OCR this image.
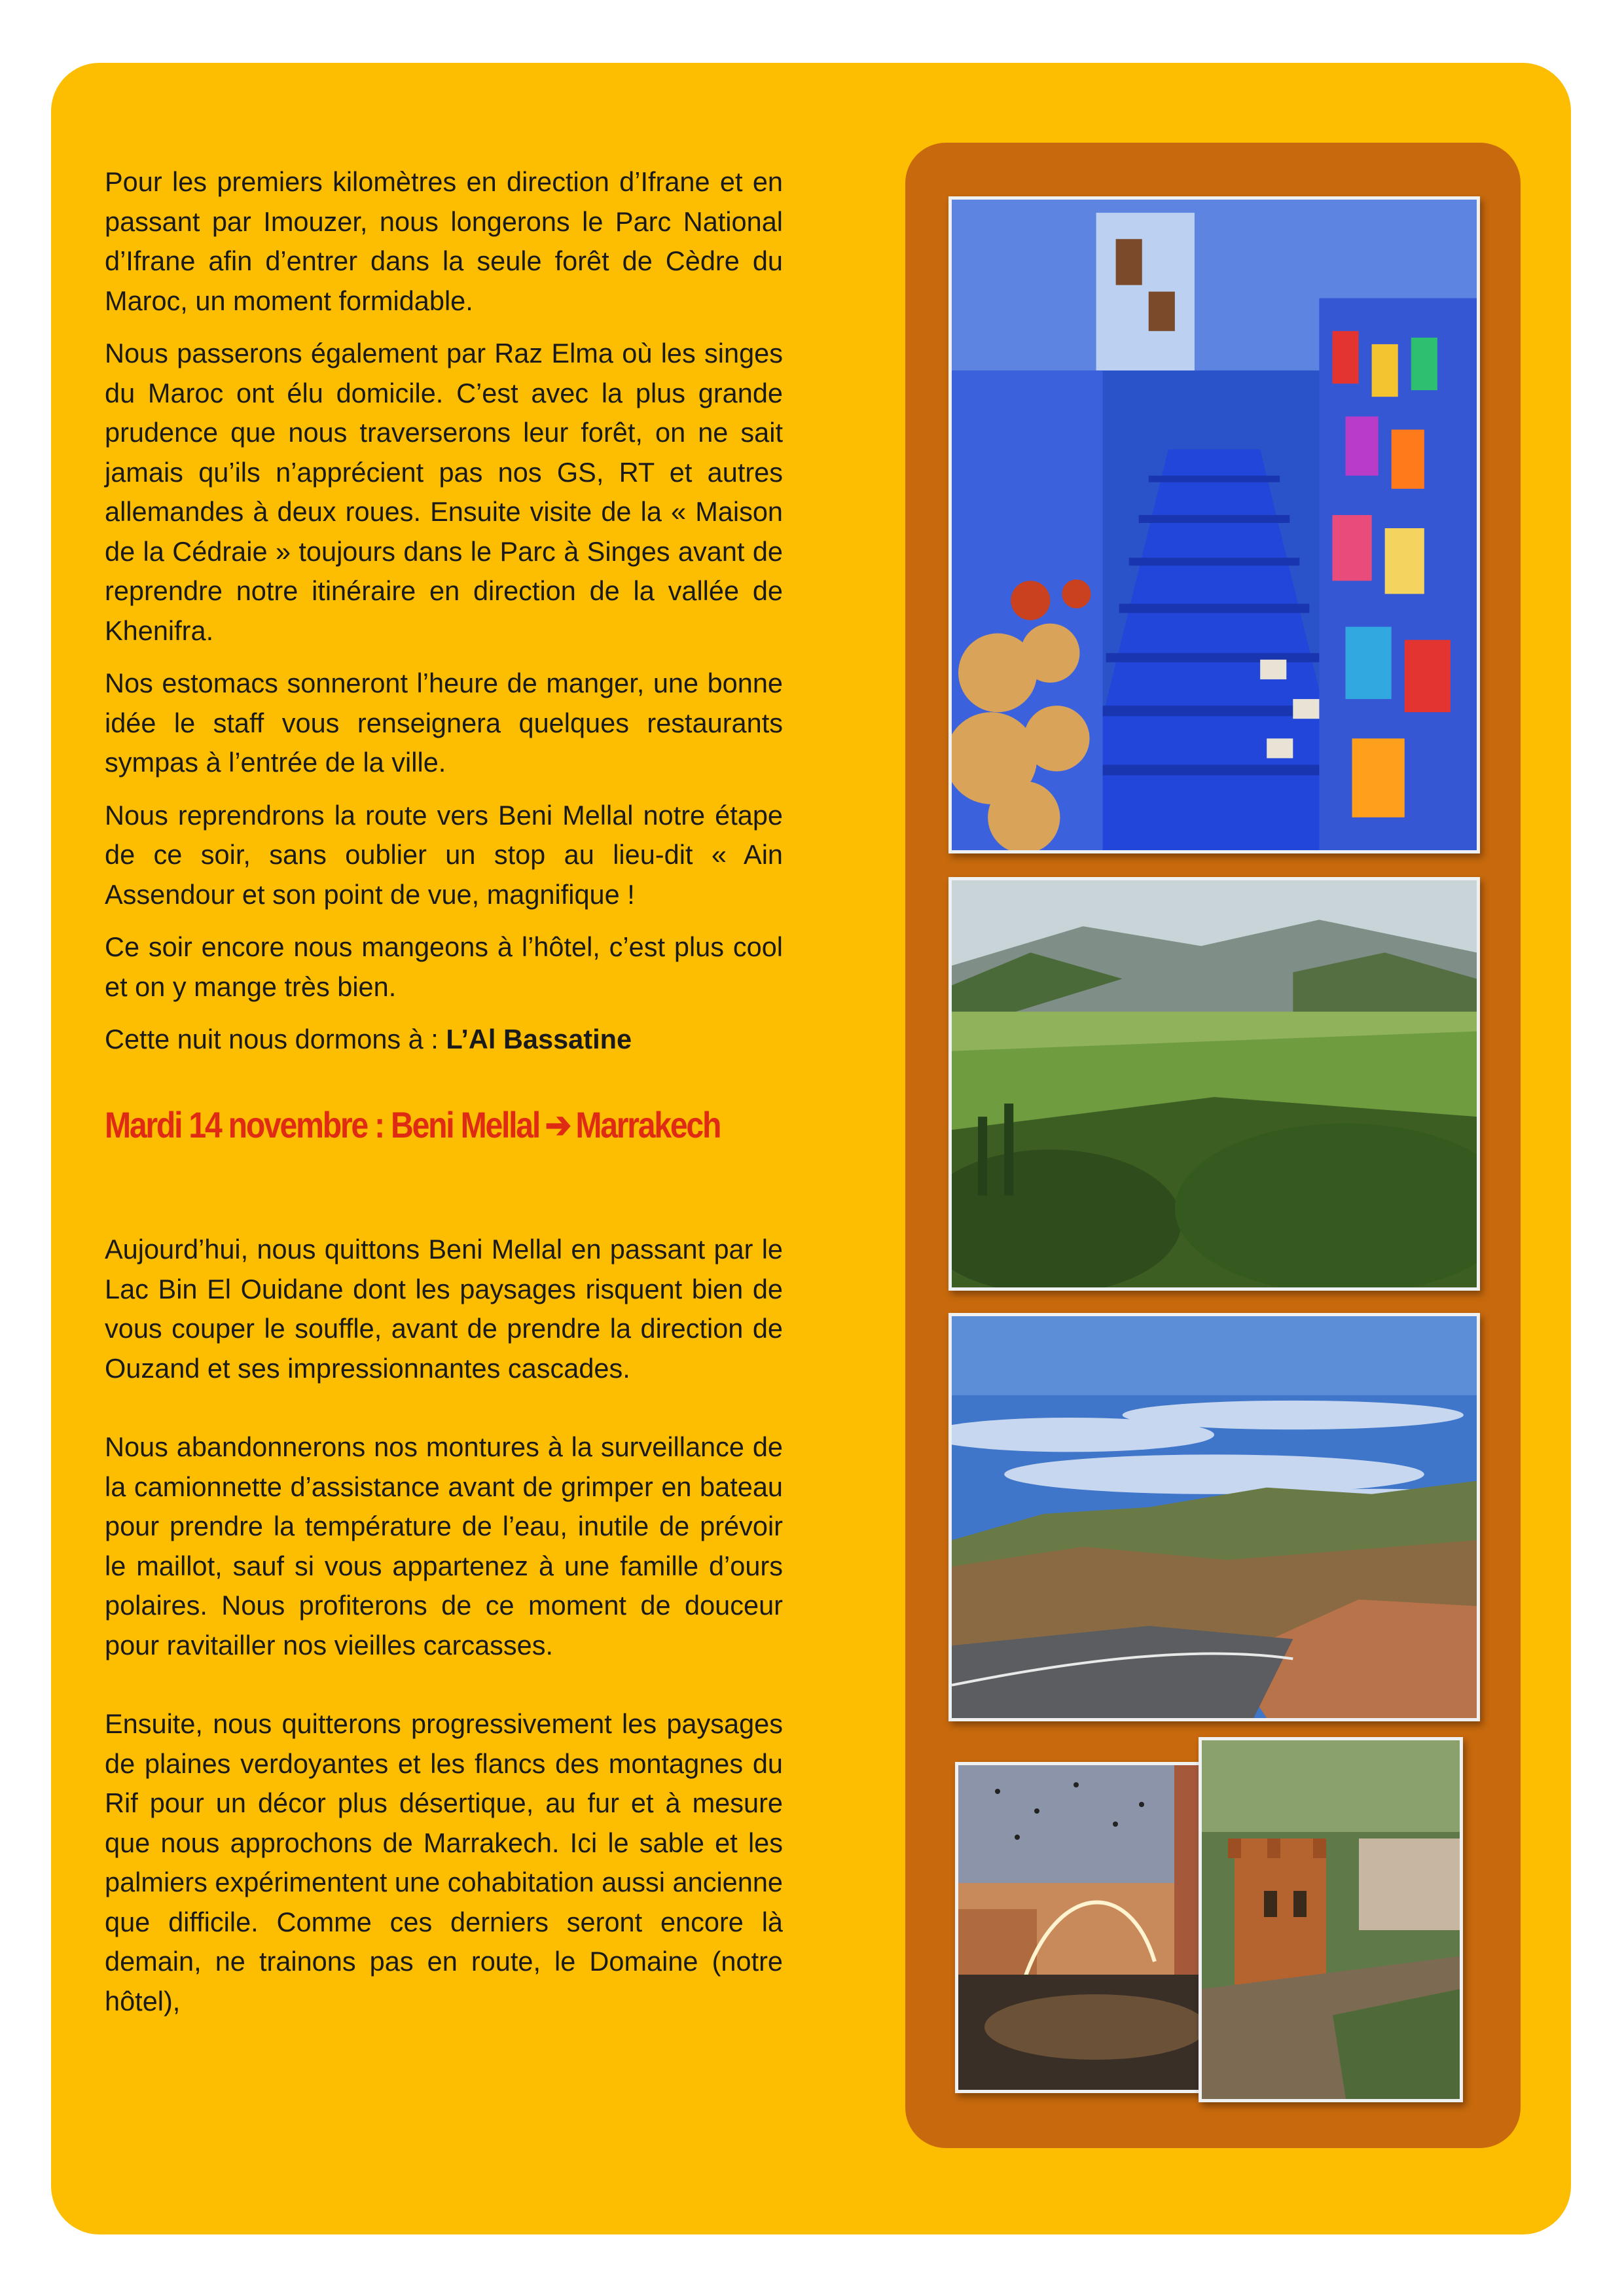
Pour les premiers kilomètres en direction d’Ifrane et en passant par Imouzer, nous longerons le Parc National d’Ifrane afin d’entrer dans la seule forêt de Cèdre du Maroc, un moment formidable.

Nous passerons également par Raz Elma où les singes du Maroc ont élu domicile. C’est avec la plus grande prudence que nous traverserons leur forêt, on ne sait jamais qu’ils n’apprécient pas nos GS, RT et autres allemandes à deux roues. Ensuite visite de la « Maison de la Cédraie » toujours dans le Parc à Singes avant de reprendre notre itinéraire en direction de la vallée de Khenifra.

Nos estomacs sonneront l’heure de manger, une bonne idée le staff vous renseignera quelques restaurants sympas à l’entrée de la ville.

Nous reprendrons la route vers Beni Mellal notre étape de ce soir, sans oublier un stop au lieu-dit « Ain Assendour et son point de vue, magnifique !

Ce soir encore nous mangeons à l’hôtel, c’est plus cool et on y mange très bien.

Cette nuit nous dormons à : L’Al Bassatine

Mardi 14 novembre : Beni Mellal ➔ Marrakech

Aujourd’hui, nous quittons Beni Mellal en passant par le Lac Bin El Ouidane dont les paysages risquent bien de vous couper le souffle, avant de prendre la direction de Ouzand et ses impressionnantes cascades.

Nous abandonnerons nos montures à la surveillance de la camionnette d’assistance avant de grimper en bateau pour prendre la température de l’eau, inutile de prévoir le maillot, sauf si vous appartenez à une famille d’ours polaires. Nous profiterons de ce moment de douceur pour ravitailler nos vieilles carcasses.

Ensuite, nous quitterons progressivement les paysages de plaines verdoyantes et les flancs des montagnes du Rif pour un décor plus désertique, au fur et à mesure que nous approchons de Marrakech. Ici le sable et les palmiers expérimentent une cohabitation aussi ancienne que difficile. Comme ces derniers seront encore là demain, ne trainons pas en route, le Domaine (notre hôtel),
